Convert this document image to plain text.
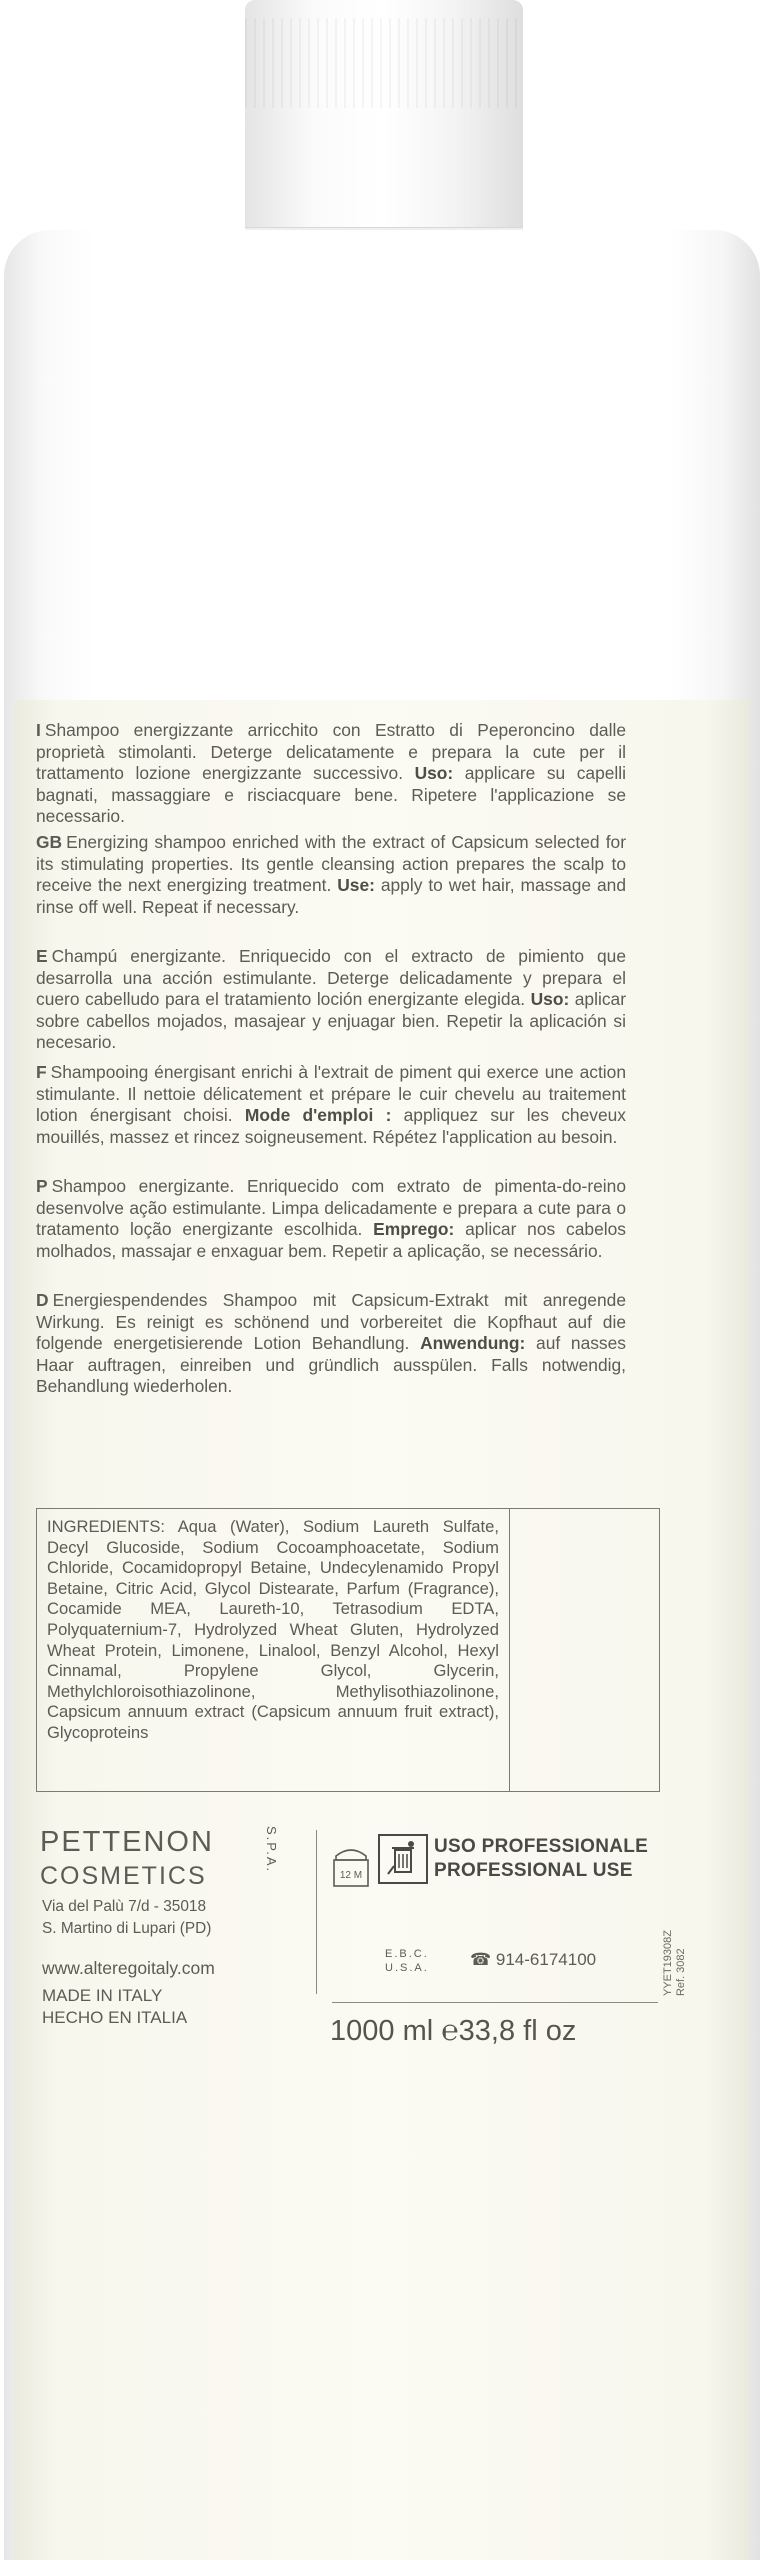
I Shampoo energizzante arricchito con Estratto di Peperoncino dalle proprietà stimolanti. Deterge delicatamente e prepara la cute per il trattamento lozione energizzante successivo. Uso: applicare su capelli bagnati, massaggiare e risciacquare bene. Ripetere l'applicazione se necessario.
GB Energizing shampoo enriched with the extract of Capsicum selected for its stimulating properties. Its gentle cleansing action prepares the scalp to receive the next energizing treatment. Use: apply to wet hair, massage and rinse off well. Repeat if necessary.
E Champú energizante. Enriquecido con el extracto de pimiento que desarrolla una acción estimulante. Deterge delicadamente y prepara el cuero cabelludo para el tratamiento loción energizante elegida. Uso: aplicar sobre cabellos mojados, masajear y enjuagar bien. Repetir la aplicación si necesario.
F Shampooing énergisant enrichi à l'extrait de piment qui exerce une action stimulante. Il nettoie délicatement et prépare le cuir chevelu au traitement lotion énergisant choisi. Mode d'emploi : appliquez sur les cheveux mouillés, massez et rincez soigneusement. Répétez l'application au besoin.
P Shampoo energizante. Enriquecido com extrato de pimenta-do-reino desenvolve ação estimulante. Limpa delicadamente e prepara a cute para o tratamento loção energizante escolhida. Emprego: aplicar nos cabelos molhados, massajar e enxaguar bem. Repetir a aplicação, se necessário.
D Energiespendendes Shampoo mit Capsicum-Extrakt mit anregende Wirkung. Es reinigt es schönend und vorbereitet die Kopfhaut auf die folgende energetisierende Lotion Behandlung. Anwendung: auf nasses Haar auftragen, einreiben und gründlich ausspülen. Falls notwendig, Behandlung wiederholen.
INGREDIENTS: Aqua (Water), Sodium Laureth Sulfate, Decyl Glucoside, Sodium Cocoamphoacetate, Sodium Chloride, Cocamidopropyl Betaine, Undecylenamido Propyl Betaine, Citric Acid, Glycol Distearate, Parfum (Fragrance), Cocamide MEA, Laureth-10, Tetrasodium EDTA, Polyquaternium-7, Hydrolyzed Wheat Gluten, Hydrolyzed Wheat Protein, Limonene, Linalool, Benzyl Alcohol, Hexyl Cinnamal, Propylene Glycol, Glycerin, Methylchloroisothiazolinone, Methylisothiazolinone, Capsicum annuum extract (Capsicum annuum fruit extract), Glycoproteins
PETTENON
COSMETICS
S.P.A.
Via del Palù 7/d - 35018
S. Martino di Lupari (PD)
www.alteregoitaly.com
MADE IN ITALY
HECHO EN ITALIA
12 M
USO PROFESSIONALE
PROFESSIONAL USE
E.B.C.
U.S.A. ☎ 914-6174100
1000 ml ℮33,8 fl oz
YYET19308Z Ref. 3082
